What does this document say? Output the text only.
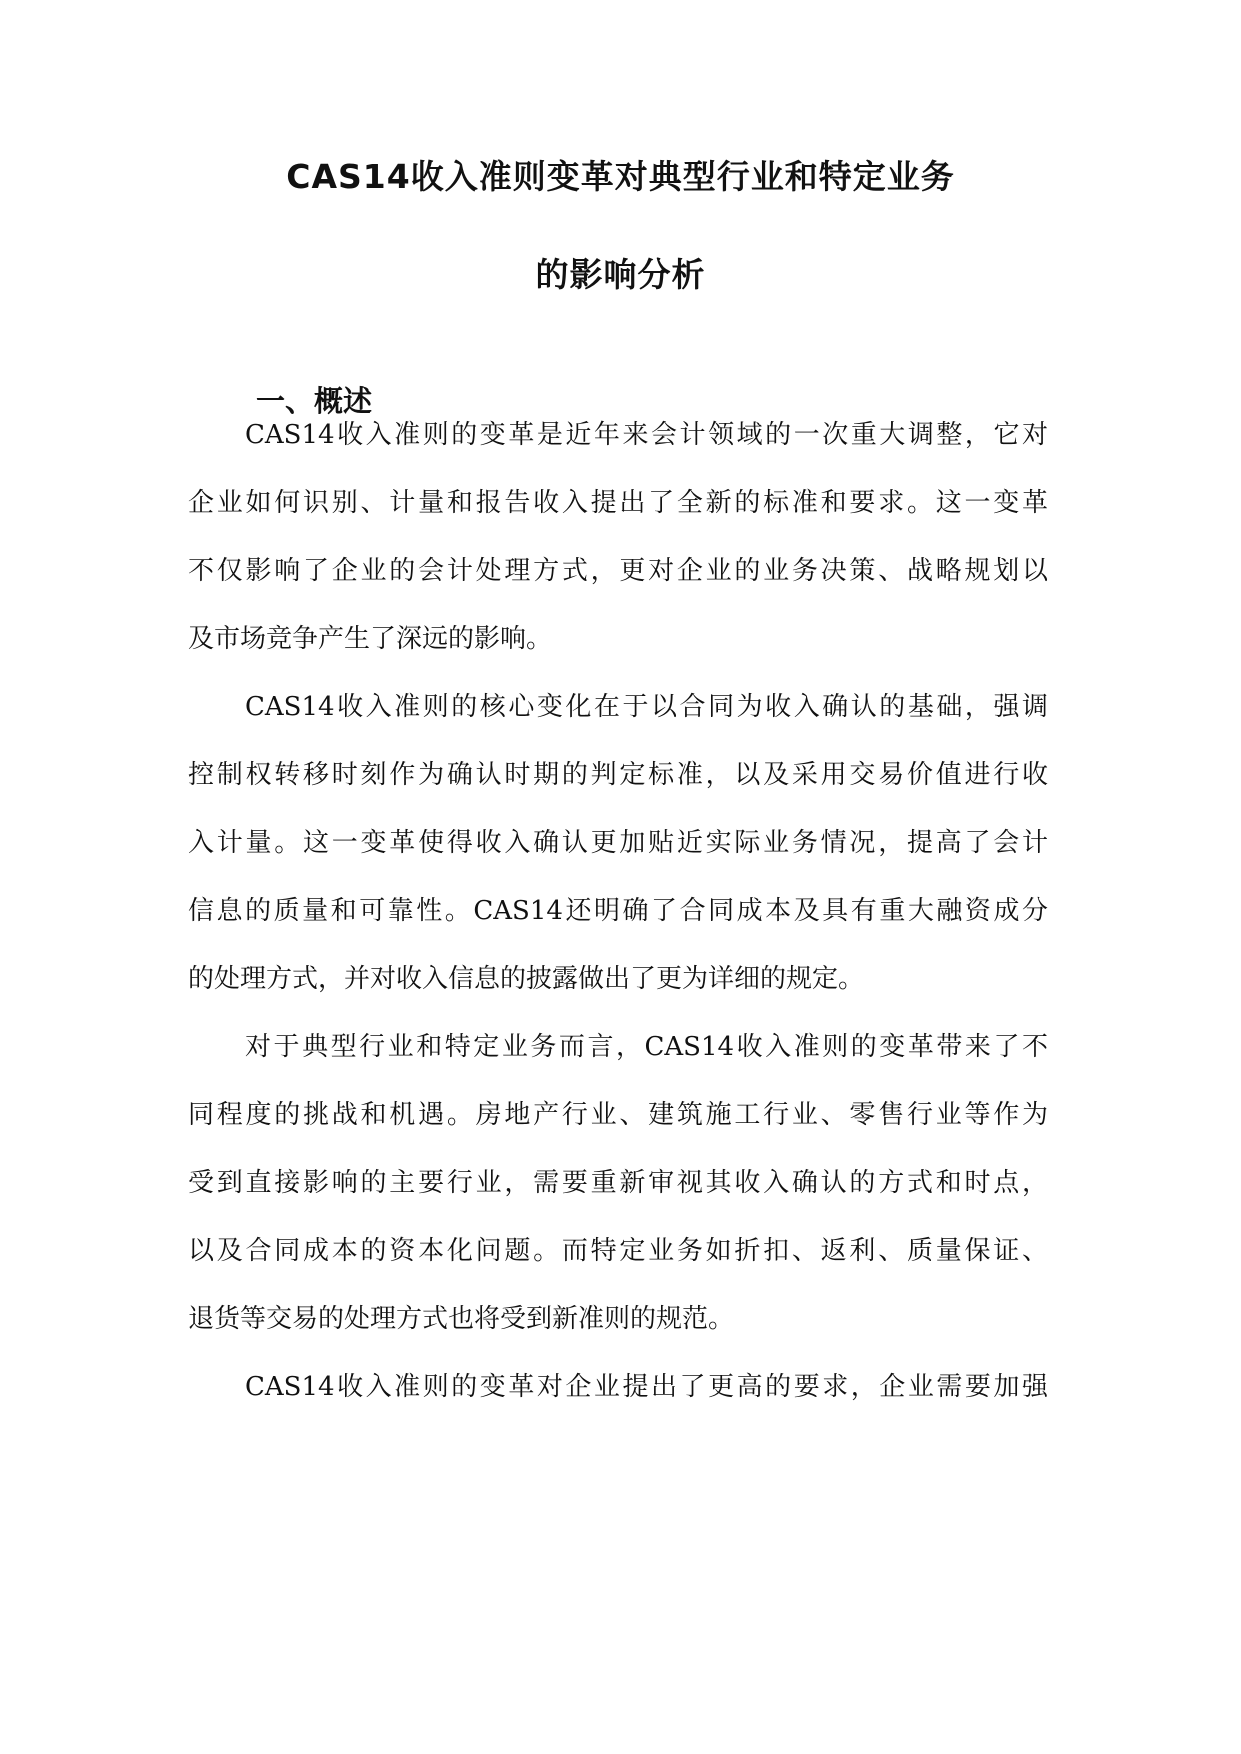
CAS14收入准则变革对典型行业和特定业务
的影响分析
一、概述

CAS14收入准则的变革是近年来会计领域的一次重大调整，它对

企业如何识别、计量和报告收入提出了全新的标准和要求。这一变革

不仅影响了企业的会计处理方式，更对企业的业务决策、战略规划以

及市场竞争产生了深远的影响。

CAS14收入准则的核心变化在于以合同为收入确认的基础，强调

控制权转移时刻作为确认时期的判定标准，以及采用交易价值进行收

入计量。这一变革使得收入确认更加贴近实际业务情况，提高了会计

信息的质量和可靠性。CAS14还明确了合同成本及具有重大融资成分

的处理方式，并对收入信息的披露做出了更为详细的规定。

对于典型行业和特定业务而言，CAS14收入准则的变革带来了不

同程度的挑战和机遇。房地产行业、建筑施工行业、零售行业等作为

受到直接影响的主要行业，需要重新审视其收入确认的方式和时点，

以及合同成本的资本化问题。而特定业务如折扣、返利、质量保证、

退货等交易的处理方式也将受到新准则的规范。

CAS14收入准则的变革对企业提出了更高的要求，企业需要加强
